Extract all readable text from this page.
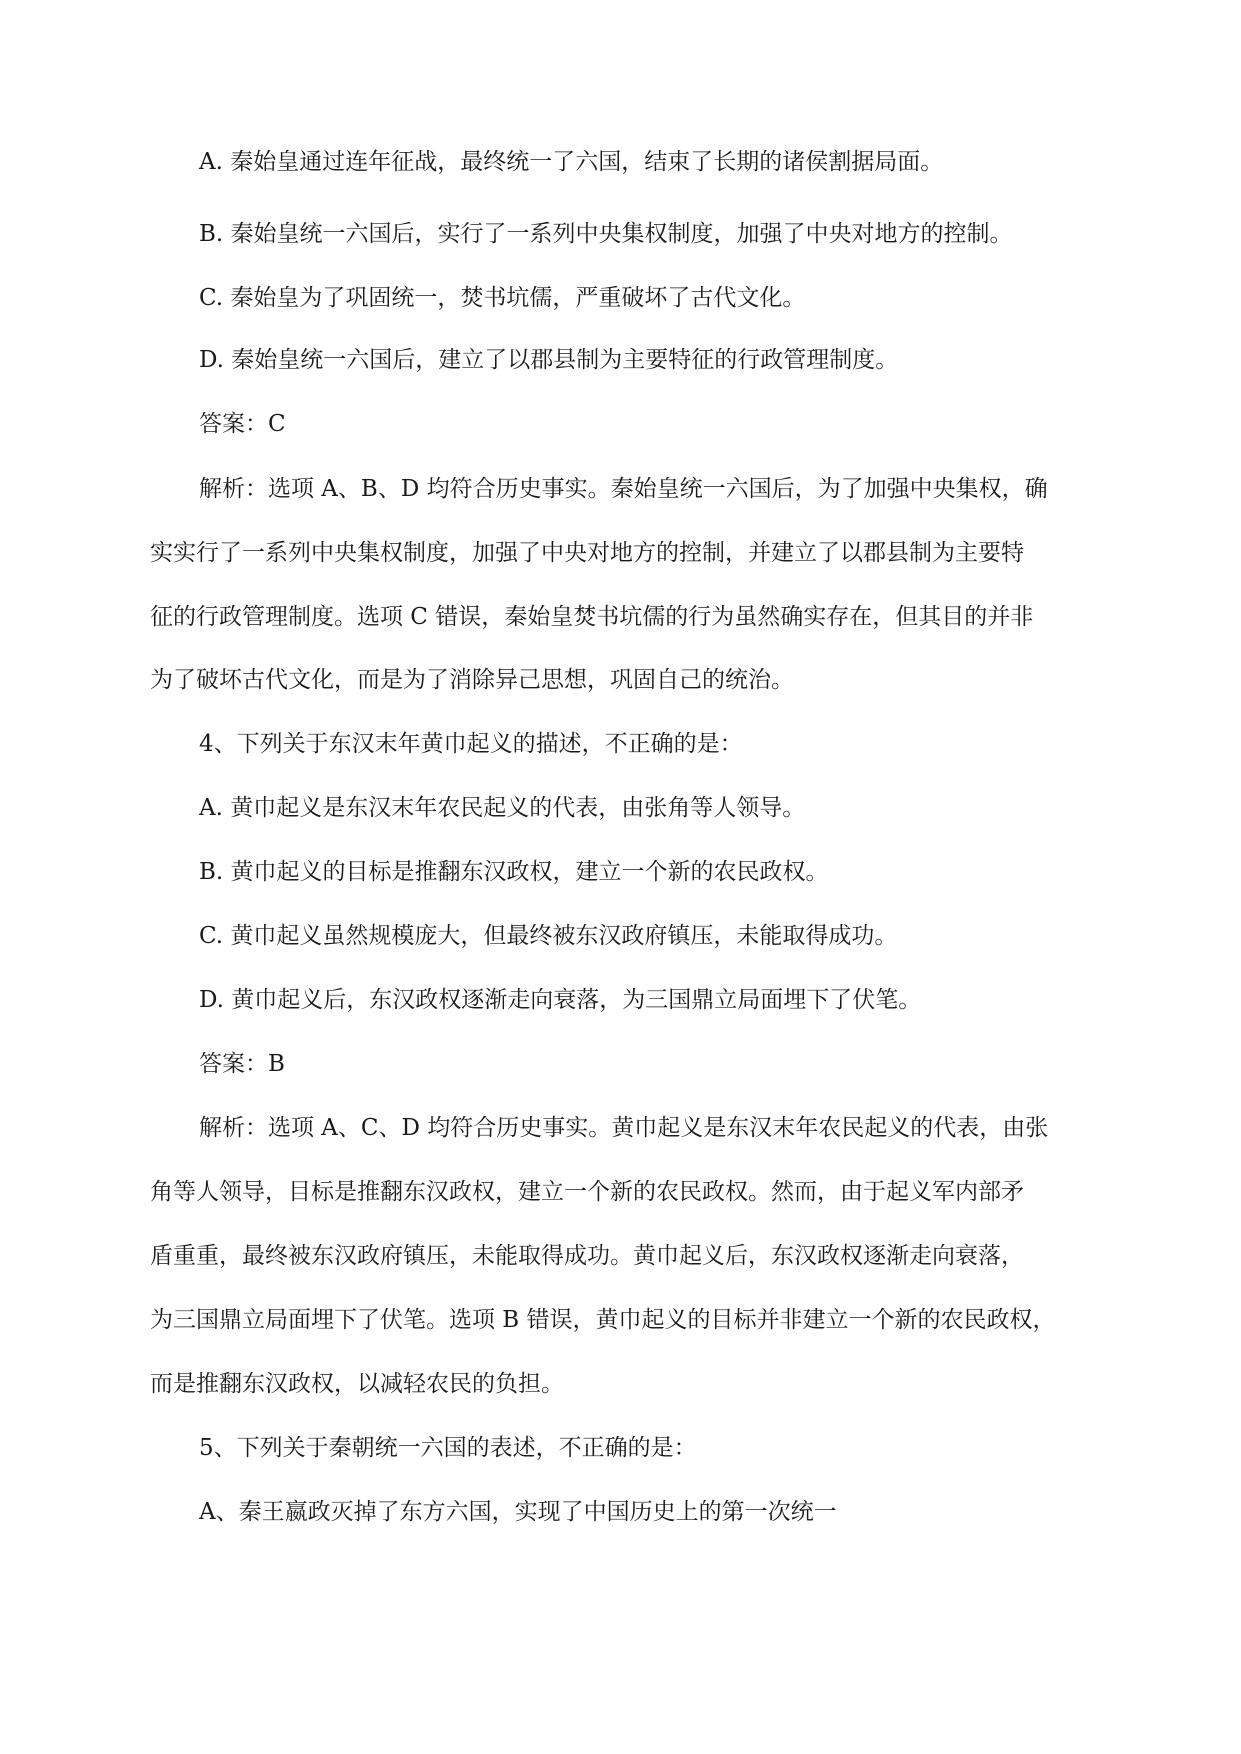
A. 秦始皇通过连年征战，最终统一了六国，结束了长期的诸侯割据局面。
B. 秦始皇统一六国后，实行了一系列中央集权制度，加强了中央对地方的控制。
C. 秦始皇为了巩固统一，焚书坑儒，严重破坏了古代文化。
D. 秦始皇统一六国后，建立了以郡县制为主要特征的行政管理制度。
答案：C
解析：选项 A、B、D 均符合历史事实。秦始皇统一六国后，为了加强中央集权，确
实实行了一系列中央集权制度，加强了中央对地方的控制，并建立了以郡县制为主要特
征的行政管理制度。选项 C 错误，秦始皇焚书坑儒的行为虽然确实存在，但其目的并非
为了破坏古代文化，而是为了消除异己思想，巩固自己的统治。
4、下列关于东汉末年黄巾起义的描述，不正确的是：
A. 黄巾起义是东汉末年农民起义的代表，由张角等人领导。
B. 黄巾起义的目标是推翻东汉政权，建立一个新的农民政权。
C. 黄巾起义虽然规模庞大，但最终被东汉政府镇压，未能取得成功。
D. 黄巾起义后，东汉政权逐渐走向衰落，为三国鼎立局面埋下了伏笔。
答案：B
解析：选项 A、C、D 均符合历史事实。黄巾起义是东汉末年农民起义的代表，由张
角等人领导，目标是推翻东汉政权，建立一个新的农民政权。然而，由于起义军内部矛
盾重重，最终被东汉政府镇压，未能取得成功。黄巾起义后，东汉政权逐渐走向衰落，
为三国鼎立局面埋下了伏笔。选项 B 错误，黄巾起义的目标并非建立一个新的农民政权，
而是推翻东汉政权，以减轻农民的负担。
5、下列关于秦朝统一六国的表述，不正确的是：
A、秦王嬴政灭掉了东方六国，实现了中国历史上的第一次统一
